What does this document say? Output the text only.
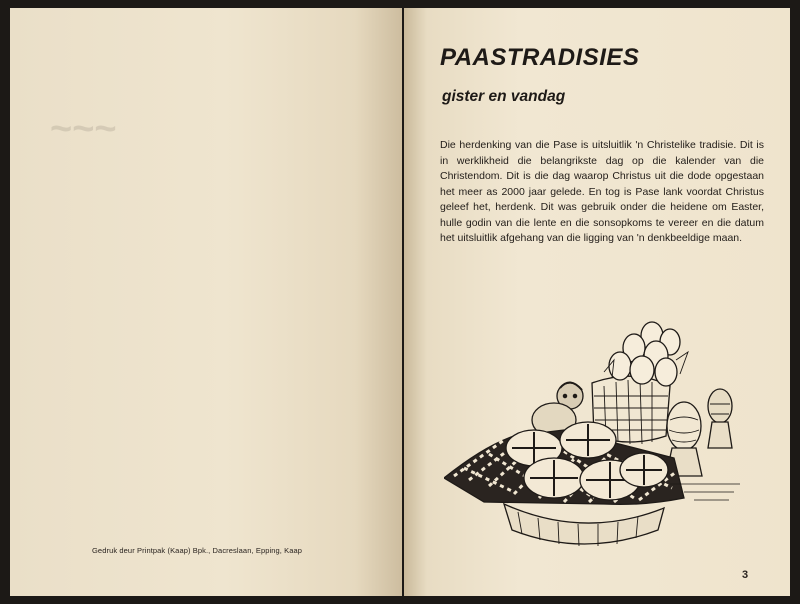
~~~
Gedruk deur Printpak (Kaap) Bpk., Dacreslaan, Epping, Kaap
PAASTRADISIES
gister en vandag
Die herdenking van die Pase is uitsluitlik 'n Christelike tradisie. Dit is in werklikheid die belangrikste dag op die kalender van die Christendom. Dit is die dag waarop Christus uit die dode opgestaan het meer as 2000 jaar gelede. En tog is Pase lank voordat Christus geleef het, herdenk. Dit was gebruik onder die heidene om Easter, hulle godin van die lente en die sonsopkoms te vereer en die datum het uitsluitlik afgehang van die ligging van 'n denkbeeldige maan.
3
